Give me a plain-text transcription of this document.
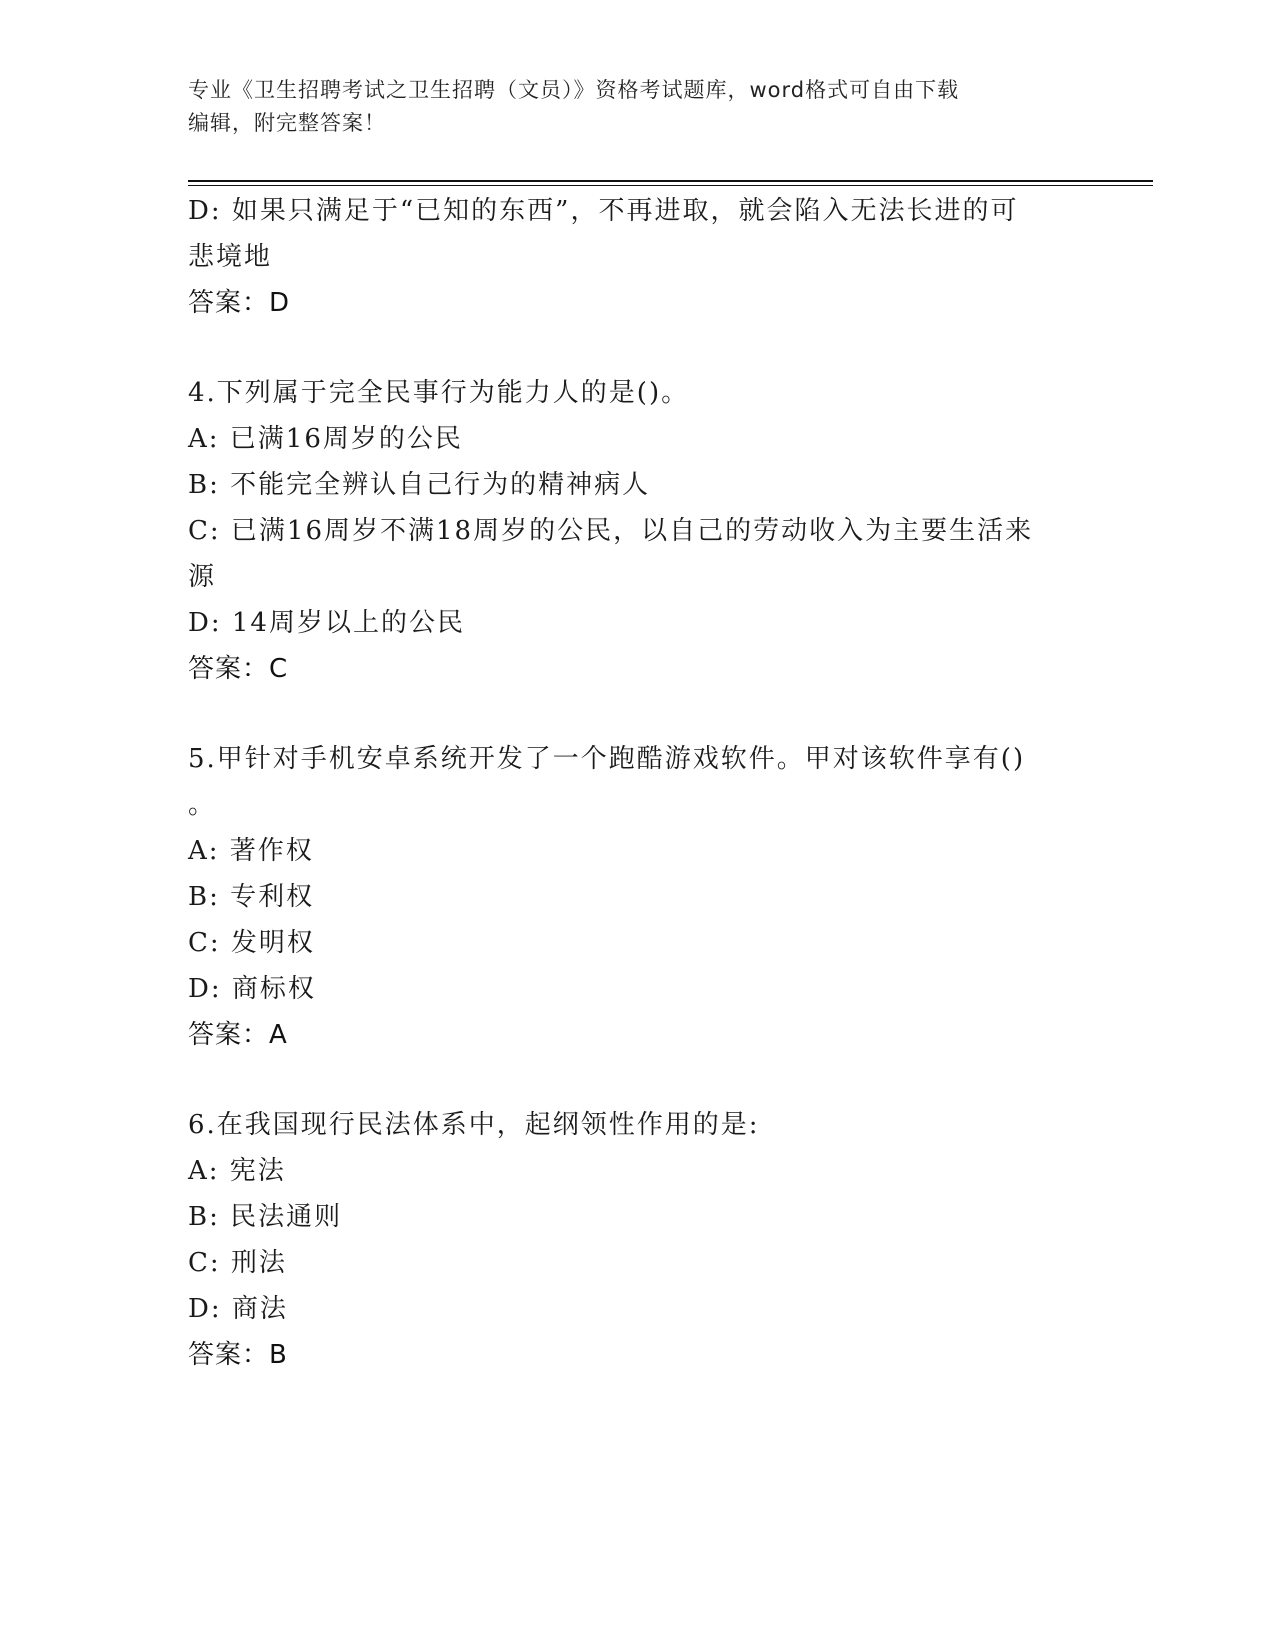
专业《卫生招聘考试之卫生招聘（文员）》资格考试题库，word格式可自由下载
编辑，附完整答案！
D: 如果只满足于“已知的东西”，不再进取，就会陷入无法长进的可
悲境地
答案：D
4.下列属于完全民事行为能力人的是()。
A: 已满16周岁的公民
B: 不能完全辨认自己行为的精神病人
C: 已满16周岁不满18周岁的公民，以自己的劳动收入为主要生活来
源
D: 14周岁以上的公民
答案：C
5.甲针对手机安卓系统开发了一个跑酷游戏软件。甲对该软件享有()
。
A: 著作权
B: 专利权
C: 发明权
D: 商标权
答案：A
6.在我国现行民法体系中，起纲领性作用的是:
A: 宪法
B: 民法通则
C: 刑法
D: 商法
答案：B
